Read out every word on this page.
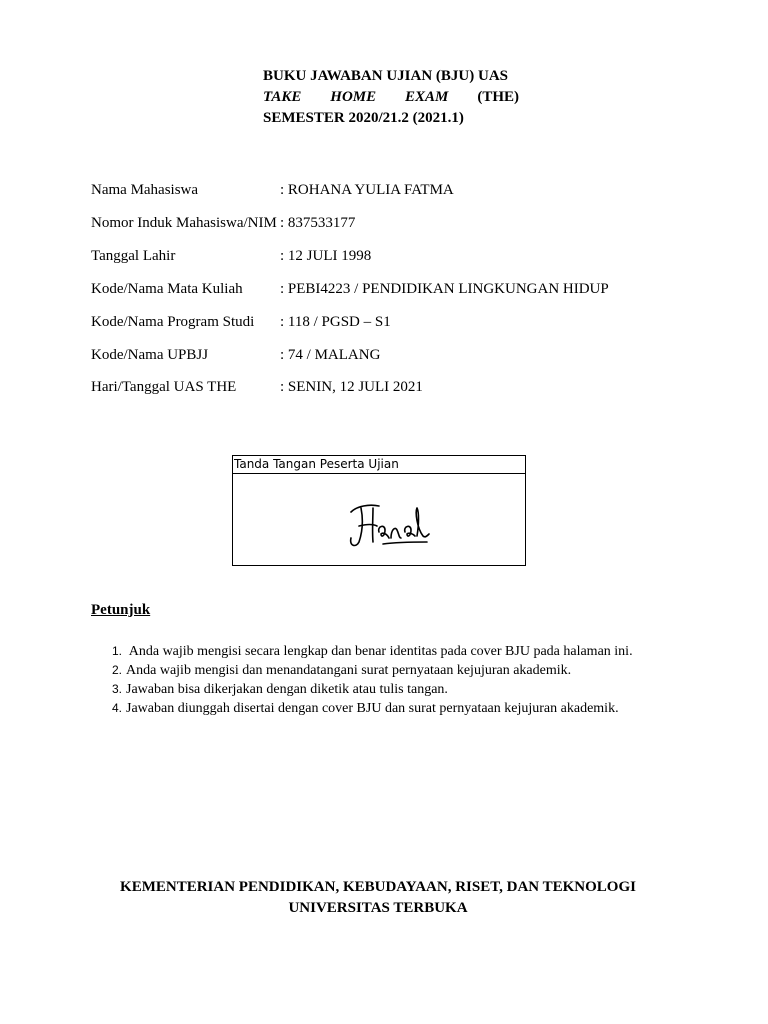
BUKU JAWABAN UJIAN (BJU) UAS
TAKE HOME EXAM (THE)
SEMESTER 2020/21.2 (2021.1)
Nama Mahasiswa	: ROHANA YULIA FATMA
Nomor Induk Mahasiswa/NIM : 837533177
Tanggal Lahir	: 12 JULI 1998
Kode/Nama Mata Kuliah : PEBI4223 / PENDIDIKAN LINGKUNGAN HIDUP
Kode/Nama Program Studi : 118 / PGSD – S1
Kode/Nama UPBJJ	: 74 / MALANG
Hari/Tanggal UAS THE	: SENIN, 12 JULI 2021
Tanda Tangan Peserta Ujian
Petunjuk
1. Anda wajib mengisi secara lengkap dan benar identitas pada cover BJU pada halaman ini.
2. Anda wajib mengisi dan menandatangani surat pernyataan kejujuran akademik.
3. Jawaban bisa dikerjakan dengan diketik atau tulis tangan.
4. Jawaban diunggah disertai dengan cover BJU dan surat pernyataan kejujuran akademik.
KEMENTERIAN PENDIDIKAN, KEBUDAYAAN, RISET, DAN TEKNOLOGI
UNIVERSITAS TERBUKA
